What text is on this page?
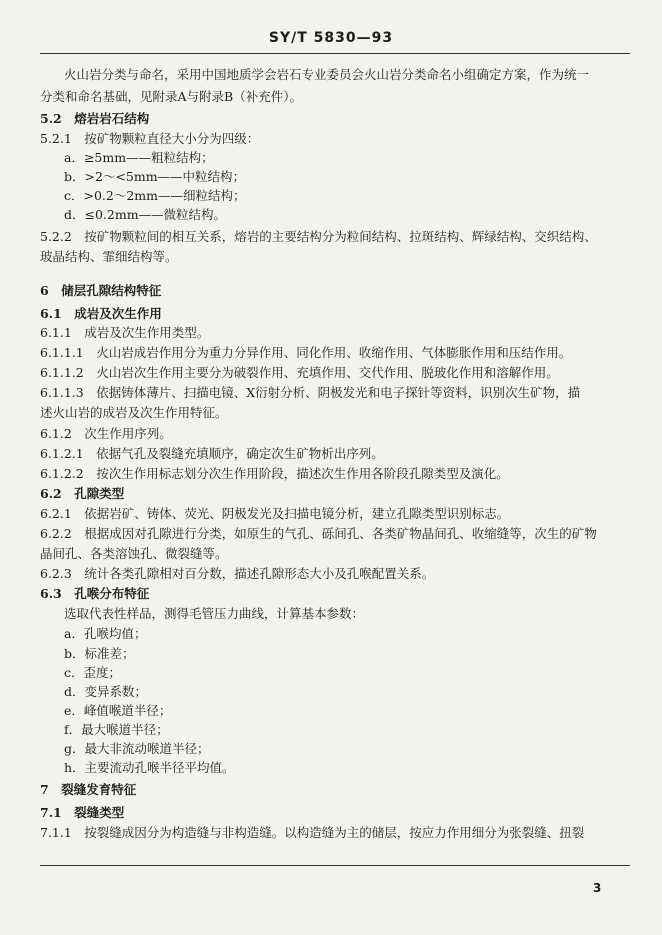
SY/T 5830—93
火山岩分类与命名，采用中国地质学会岩石专业委员会火山岩分类命名小组确定方案，作为统一
分类和命名基础，见附录A与附录B（补充件）。
5.2　熔岩岩石结构
5.2.1　按矿物颗粒直径大小分为四级：
a．≥5mm——粗粒结构；
b．>2～<5mm——中粒结构；
c．>0.2～2mm——细粒结构；
d．≤0.2mm——微粒结构。
5.2.2　按矿物颗粒间的相互关系，熔岩的主要结构分为粒间结构、拉斑结构、辉绿结构、交织结构、
玻晶结构、霏细结构等。
6　储层孔隙结构特征
6.1　成岩及次生作用
6.1.1　成岩及次生作用类型。
6.1.1.1　火山岩成岩作用分为重力分异作用、同化作用、收缩作用、气体膨胀作用和压结作用。
6.1.1.2　火山岩次生作用主要分为破裂作用、充填作用、交代作用、脱玻化作用和溶解作用。
6.1.1.3　依据铸体薄片、扫描电镜、X衍射分析、阴极发光和电子探针等资料，识别次生矿物，描
述火山岩的成岩及次生作用特征。
6.1.2　次生作用序列。
6.1.2.1　依据气孔及裂缝充填顺序，确定次生矿物析出序列。
6.1.2.2　按次生作用标志划分次生作用阶段，描述次生作用各阶段孔隙类型及演化。
6.2　孔隙类型
6.2.1　依据岩矿、铸体、荧光、阴极发光及扫描电镜分析，建立孔隙类型识别标志。
6.2.2　根据成因对孔隙进行分类，如原生的气孔、砾间孔、各类矿物晶间孔、收缩缝等，次生的矿物
晶间孔、各类溶蚀孔、微裂缝等。
6.2.3　统计各类孔隙相对百分数，描述孔隙形态大小及孔喉配置关系。
6.3　孔喉分布特征
选取代表性样品，测得毛管压力曲线，计算基本参数：
a．孔喉均值；
b．标准差；
c．歪度；
d．变异系数；
e．峰值喉道半径；
f．最大喉道半径；
g．最大非流动喉道半径；
h．主要流动孔喉半径平均值。
7　裂缝发育特征
7.1　裂缝类型
7.1.1　按裂缝成因分为构造缝与非构造缝。以构造缝为主的储层，按应力作用细分为张裂缝、扭裂
3
